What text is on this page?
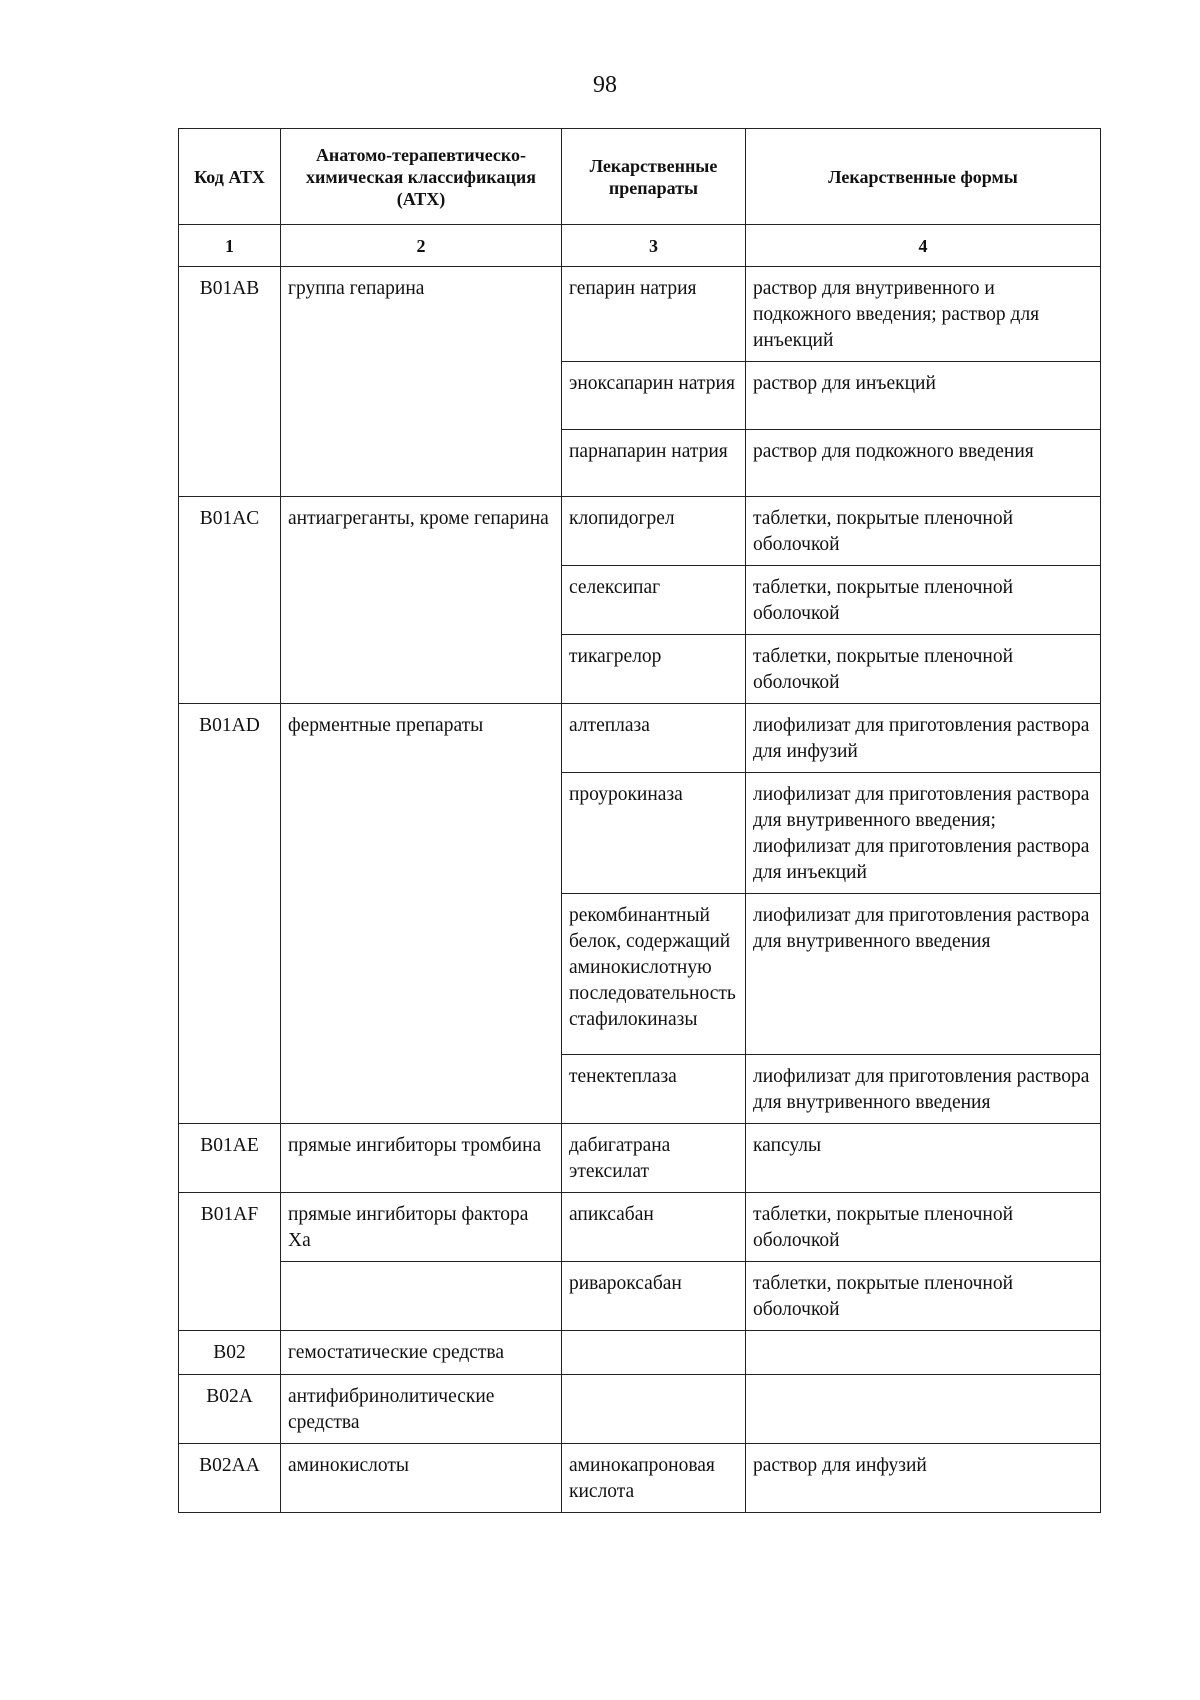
98
Код АТХ	Анатомо-терапевтическо-химическая классификация (АТХ)	Лекарственные препараты	Лекарственные формы
1	2	3	4
B01AB	группа гепарина	гепарин натрия	раствор для внутривенного и подкожного введения; раствор для инъекций
		эноксапарин натрия	раствор для инъекций
		парнапарин натрия	раствор для подкожного введения
B01AC	антиагреганты, кроме гепарина	клопидогрел	таблетки, покрытые пленочной оболочкой
		селексипаг	таблетки, покрытые пленочной оболочкой
		тикагрелор	таблетки, покрытые пленочной оболочкой
B01AD	ферментные препараты	алтеплаза	лиофилизат для приготовления раствора для инфузий
		проурокиназа	лиофилизат для приготовления раствора для внутривенного введения; лиофилизат для приготовления раствора для инъекций
		рекомбинантный белок, содержащий аминокислотную последовательность стафилокиназы	лиофилизат для приготовления раствора для внутривенного введения
		тенектеплаза	лиофилизат для приготовления раствора для внутривенного введения
B01AE	прямые ингибиторы тромбина	дабигатрана этексилат	капсулы
B01AF	прямые ингибиторы фактора Ха	апиксабан	таблетки, покрытые пленочной оболочкой
		ривароксабан	таблетки, покрытые пленочной оболочкой
B02	гемостатические средства		
B02A	антифибринолитические средства		
B02AA	аминокислоты	аминокапроновая кислота	раствор для инфузий
